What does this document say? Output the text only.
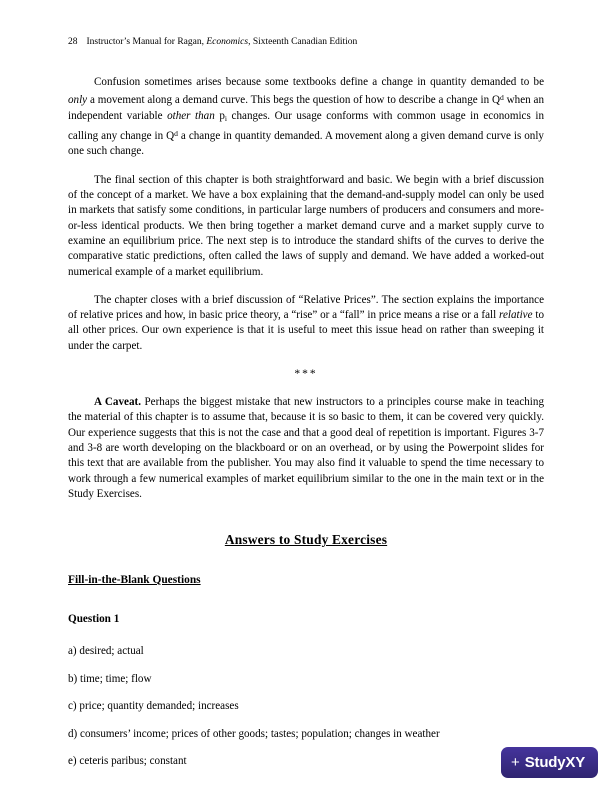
28 Instructor’s Manual for Ragan, Economics, Sixteenth Canadian Edition

Confusion sometimes arises because some textbooks define a change in quantity demanded to be only a movement along a demand curve. This begs the question of how to describe a change in $Q^d$ when an independent variable other than $p_i$ changes. Our usage conforms with common usage in economics in calling any change in $Q^d$ a change in quantity demanded. A movement along a given demand curve is only one such change.

The final section of this chapter is both straightforward and basic. We begin with a brief discussion of the concept of a market. We have a box explaining that the demand-and-supply model can only be used in markets that satisfy some conditions, in particular large numbers of producers and consumers and more-or-less identical products. We then bring together a market demand curve and a market supply curve to examine an equilibrium price. The next step is to introduce the standard shifts of the curves to derive the comparative static predictions, often called the laws of supply and demand. We have added a worked-out numerical example of a market equilibrium.

The chapter closes with a brief discussion of “Relative Prices”. The section explains the importance of relative prices and how, in basic price theory, a “rise” or a “fall” in price means a rise or a fall relative to all other prices. Our own experience is that it is useful to meet this issue head on rather than sweeping it under the carpet.

***

A Caveat. Perhaps the biggest mistake that new instructors to a principles course make in teaching the material of this chapter is to assume that, because it is so basic to them, it can be covered very quickly. Our experience suggests that this is not the case and that a good deal of repetition is important. Figures 3-7 and 3-8 are worth developing on the blackboard or on an overhead, or by using the Powerpoint slides for this text that are available from the publisher. You may also find it valuable to spend the time necessary to work through a few numerical examples of market equilibrium similar to the one in the main text or in the Study Exercises.

Answers to Study Exercises
Fill-in-the-Blank Questions
Question 1
a) desired; actual
b) time; time; flow
c) price; quantity demanded; increases
d) consumers’ income; prices of other goods; tastes; population; changes in weather
e) ceteris paribus; constant	+ StudyXY
